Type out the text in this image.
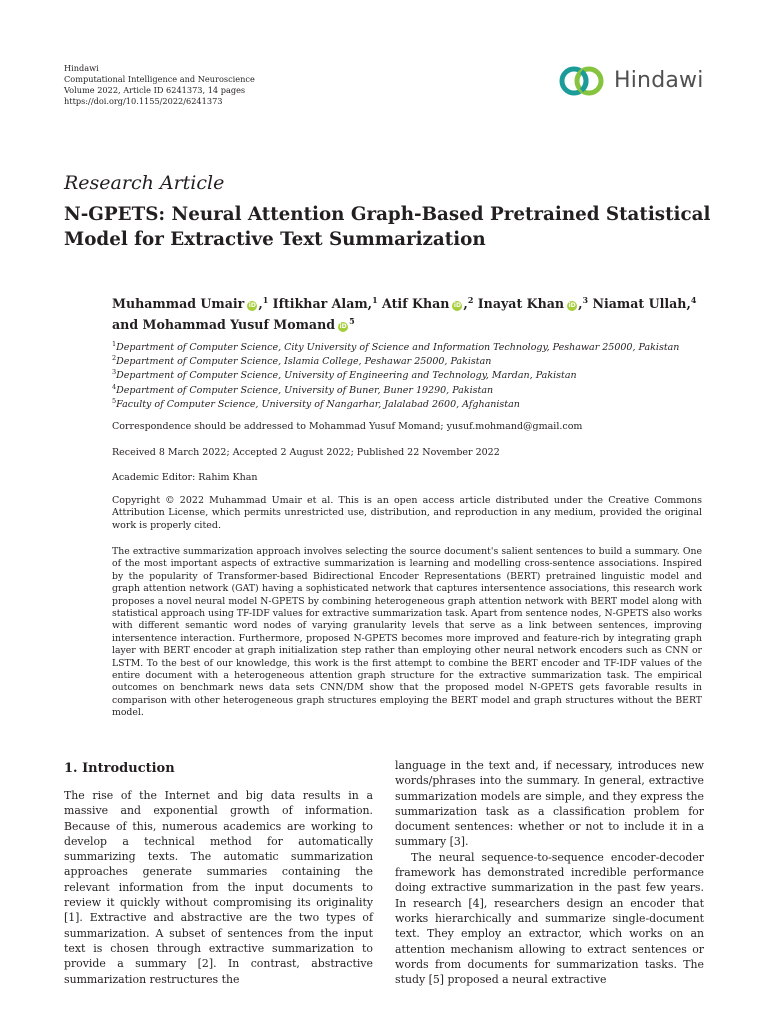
Hindawi
Computational Intelligence and Neuroscience
Volume 2022, Article ID 6241373, 14 pages
https://doi.org/10.1155/2022/6241373
Hindawi
Research Article
N-GPETS: Neural Attention Graph-Based Pretrained Statistical Model for Extractive Text Summarization
Muhammad Umair iD ,$^1$ Iftikhar Alam,$^1$ Atif Khan iD ,$^2$ Inayat Khan iD ,$^3$ Niamat Ullah,$^4$
and Mohammad Yusuf Momand $iD^5$
$^1$Department of Computer Science, City University of Science and Information Technology, Peshawar 25000, Pakistan
$^2$Department of Computer Science, Islamia College, Peshawar 25000, Pakistan
$^3$Department of Computer Science, University of Engineering and Technology, Mardan, Pakistan
$^4$Department of Computer Science, University of Buner, Buner 19290, Pakistan
$^5$Faculty of Computer Science, University of Nangarhar, Jalalabad 2600, Afghanistan
Correspondence should be addressed to Mohammad Yusuf Momand; yusuf.mohmand@gmail.com
Received 8 March 2022; Accepted 2 August 2022; Published 22 November 2022
Academic Editor: Rahim Khan
Copyright © 2022 Muhammad Umair et al. This is an open access article distributed under the Creative Commons Attribution License, which permits unrestricted use, distribution, and reproduction in any medium, provided the original work is properly cited.
The extractive summarization approach involves selecting the source document's salient sentences to build a summary. One of the most important aspects of extractive summarization is learning and modelling cross-sentence associations. Inspired by the popularity of Transformer-based Bidirectional Encoder Representations (BERT) pretrained linguistic model and graph attention network (GAT) having a sophisticated network that captures intersentence associations, this research work proposes a novel neural model N-GPETS by combining heterogeneous graph attention network with BERT model along with statistical approach using TF-IDF values for extractive summarization task. Apart from sentence nodes, N-GPETS also works with different semantic word nodes of varying granularity levels that serve as a link between sentences, improving intersentence interaction. Furthermore, proposed N-GPETS becomes more improved and feature-rich by integrating graph layer with BERT encoder at graph initialization step rather than employing other neural network encoders such as CNN or LSTM. To the best of our knowledge, this work is the first attempt to combine the BERT encoder and TF-IDF values of the entire document with a heterogeneous attention graph structure for the extractive summarization task. The empirical outcomes on benchmark news data sets CNN/DM show that the proposed model N-GPETS gets favorable results in comparison with other heterogeneous graph structures employing the BERT model and graph structures without the BERT model.
1. Introduction

The rise of the Internet and big data results in a massive and exponential growth of information. Because of this, numerous academics are working to develop a technical method for automatically summarizing texts. The automatic summarization approaches generate summaries containing the relevant information from the input documents to review it quickly without compromising its originality [1]. Extractive and abstractive are the two types of summarization. A subset of sentences from the input text is chosen through extractive summarization to provide a summary [2]. In contrast, abstractive summarization restructures the

language in the text and, if necessary, introduces new words/phrases into the summary. In general, extractive summarization models are simple, and they express the summarization task as a classification problem for document sentences: whether or not to include it in a summary [3].

The neural sequence-to-sequence encoder-decoder framework has demonstrated incredible performance doing extractive summarization in the past few years. In research [4], researchers design an encoder that works hierarchically and summarize single-document text. They employ an extractor, which works on an attention mechanism allowing to extract sentences or words from documents for summarization tasks. The study [5] proposed a neural extractive
